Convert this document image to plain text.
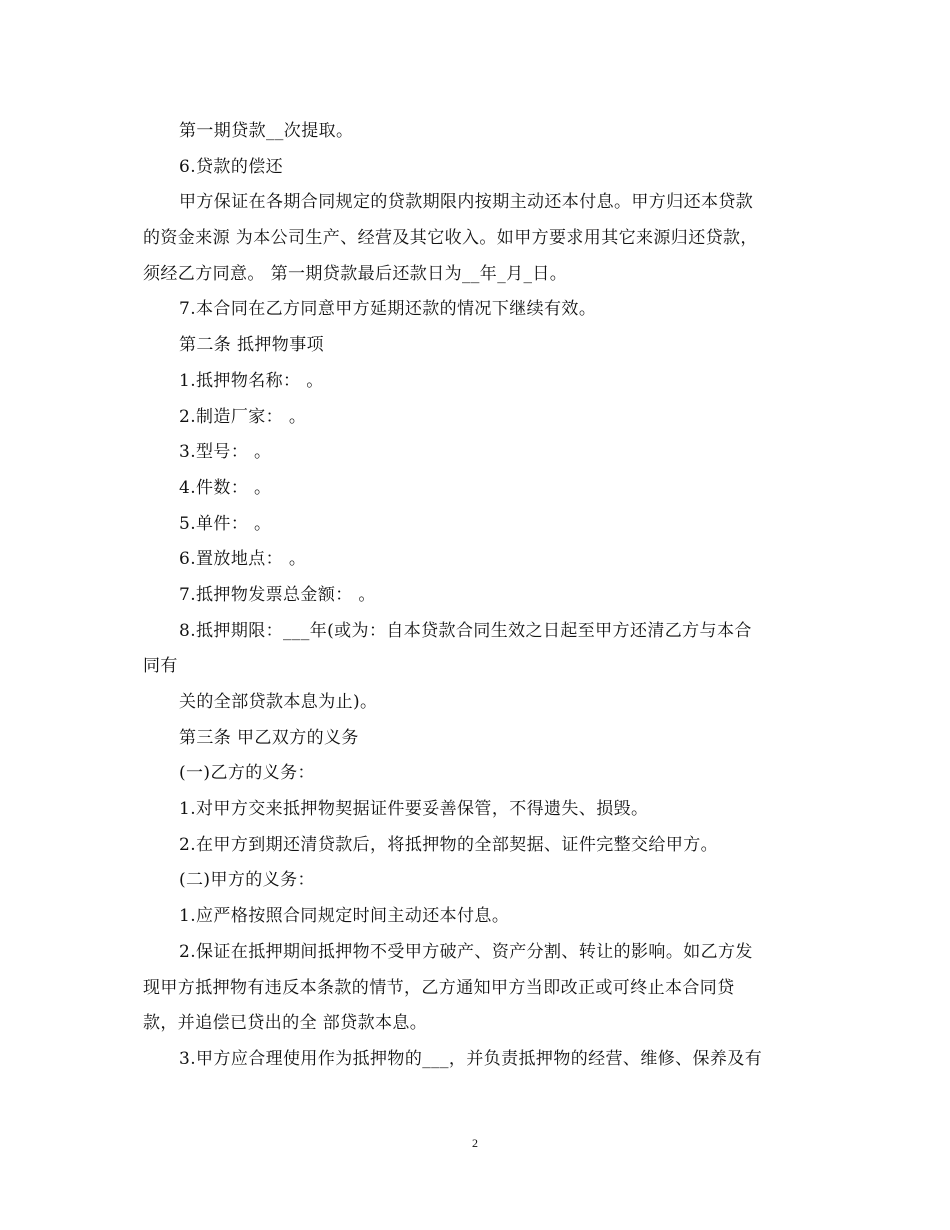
第一期贷款__次提取。
6.贷款的偿还
甲方保证在各期合同规定的贷款期限内按期主动还本付息。甲方归还本贷款
的资金来源 为本公司生产、经营及其它收入。如甲方要求用其它来源归还贷款，
须经乙方同意。 第一期贷款最后还款日为__年_月_日。
7.本合同在乙方同意甲方延期还款的情况下继续有效。
第二条 抵押物事项
1.抵押物名称： 。
2.制造厂家： 。
3.型号： 。
4.件数： 。
5.单件： 。
6.置放地点： 。
7.抵押物发票总金额： 。
8.抵押期限：___年(或为：自本贷款合同生效之日起至甲方还清乙方与本合
同有
关的全部贷款本息为止)。
第三条 甲乙双方的义务
(一)乙方的义务：
1.对甲方交来抵押物契据证件要妥善保管，不得遗失、损毁。
2.在甲方到期还清贷款后，将抵押物的全部契据、证件完整交给甲方。
(二)甲方的义务：
1.应严格按照合同规定时间主动还本付息。
2.保证在抵押期间抵押物不受甲方破产、资产分割、转让的影响。如乙方发
现甲方抵押物有违反本条款的情节，乙方通知甲方当即改正或可终止本合同贷
款，并追偿已贷出的全 部贷款本息。
3.甲方应合理使用作为抵押物的___，并负责抵押物的经营、维修、保养及有
2
